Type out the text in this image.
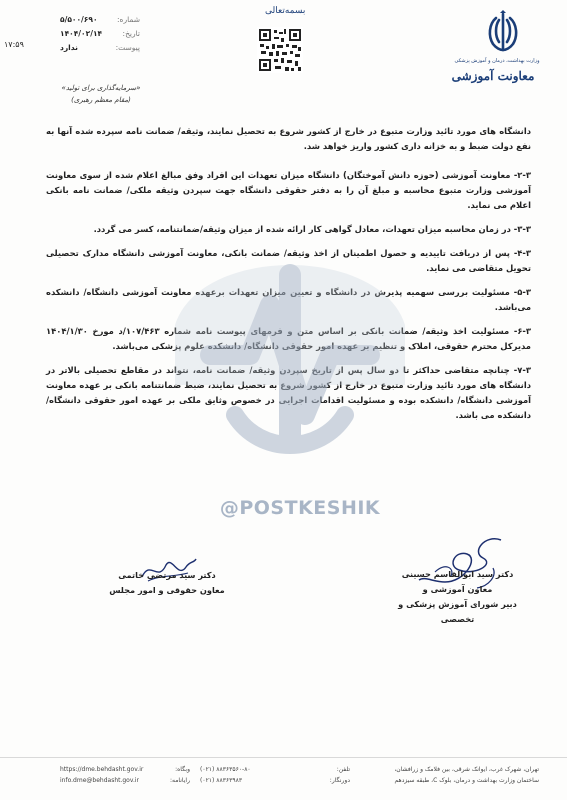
۱۷:۵۹
شماره:
۵/۵۰۰/۶۹۰
تاریخ:
۱۴۰۴/۰۲/۱۴
پیوست:
ندارد
«سرمایه‌گذاری برای تولید»
(مقام معظم رهبری)
بسمه‌تعالی
وزارت بهداشت، درمان و آموزش پزشکی
معاونت آموزشی

دانشگاه های مورد تائید وزارت متبوع در خارج از کشور شروع به تحصیل نمایند، وثیقه/ ضمانت نامه سپرده شده آنها به نفع دولت ضبط و به خزانه داری کشور واریز خواهد شد.

۲-۳- معاونت آموزشی (حوزه دانش آموختگان) دانشگاه میزان تعهدات این افراد وفق مبالغ اعلام شده از سوی معاونت آموزشی وزارت متبوع محاسبه و مبلغ آن را به دفتر حقوقی دانشگاه جهت سپردن وثیقه ملکی/ ضمانت نامه بانکی اعلام می نماید.

۳-۳- در زمان محاسبه میزان تعهدات، معادل گواهی کار ارائه شده از میزان وثیقه/ضمانتنامه، کسر می گردد.

۴-۳- پس از دریافت تاییدیه و حصول اطمینان از اخذ وثیقه/ ضمانت بانکی، معاونت آموزشی دانشگاه مدارک تحصیلی تحویل متقاضی می نماید.

۵-۳- مسئولیت بررسی سهمیه پذیرش در دانشگاه و تعیین میزان تعهدات برعهده معاونت آموزشی دانشگاه/ دانشکده می‌باشد.

۶-۳- مسئولیت اخذ وثیقه/ ضمانت بانکی بر اساس متن و فرمهای پیوست نامه شماره ۱۰۷/۴۶۳/د مورخ ۱۴۰۴/۱/۳۰ مدیرکل محترم حقوقی، املاک و تنظیم بر عهده امور حقوقی دانشگاه/ دانشکده علوم پزشکی می‌باشد.

۷-۳- چنانچه متقاضی حداکثر تا دو سال پس از تاریخ سپردن وثیقه/ ضمانت نامه، نتواند در مقاطع تحصیلی بالاتر در دانشگاه های مورد تائید وزارت متبوع در خارج از کشور شروع به تحصیل نمایند، ضبط ضمانتنامه بانکی بر عهده معاونت آموزشی دانشگاه/ دانشکده بوده و مسئولیت اقدامات اجرایی در خصوص وثایق ملکی بر عهده امور حقوقی دانشگاه/دانشکده می باشد.

@POSTKESHIK
دکتر سید مرتضی خاتمی
معاون حقوقی و امور مجلس
دکتر سید ابوالقاسم حسینی
معاون آموزشی و
دبیر شورای آموزش پزشکی و تخصصی
تهران، شهرک غرب، ایوانک شرقی، بین فلامک و زرافشان،
ساختمان وزارت بهداشت و درمان، بلوک C، طبقه سیزدهم
تلفن:
(۰۲۱) ۸۸۳۶۳۵۶۰-۸۰
دورنگار:
(۰۲۱) ۸۸۳۶۳۹۸۳
وبگاه:
https://dme.behdasht.gov.ir
رایانامه:
info.dme@behdasht.gov.ir
